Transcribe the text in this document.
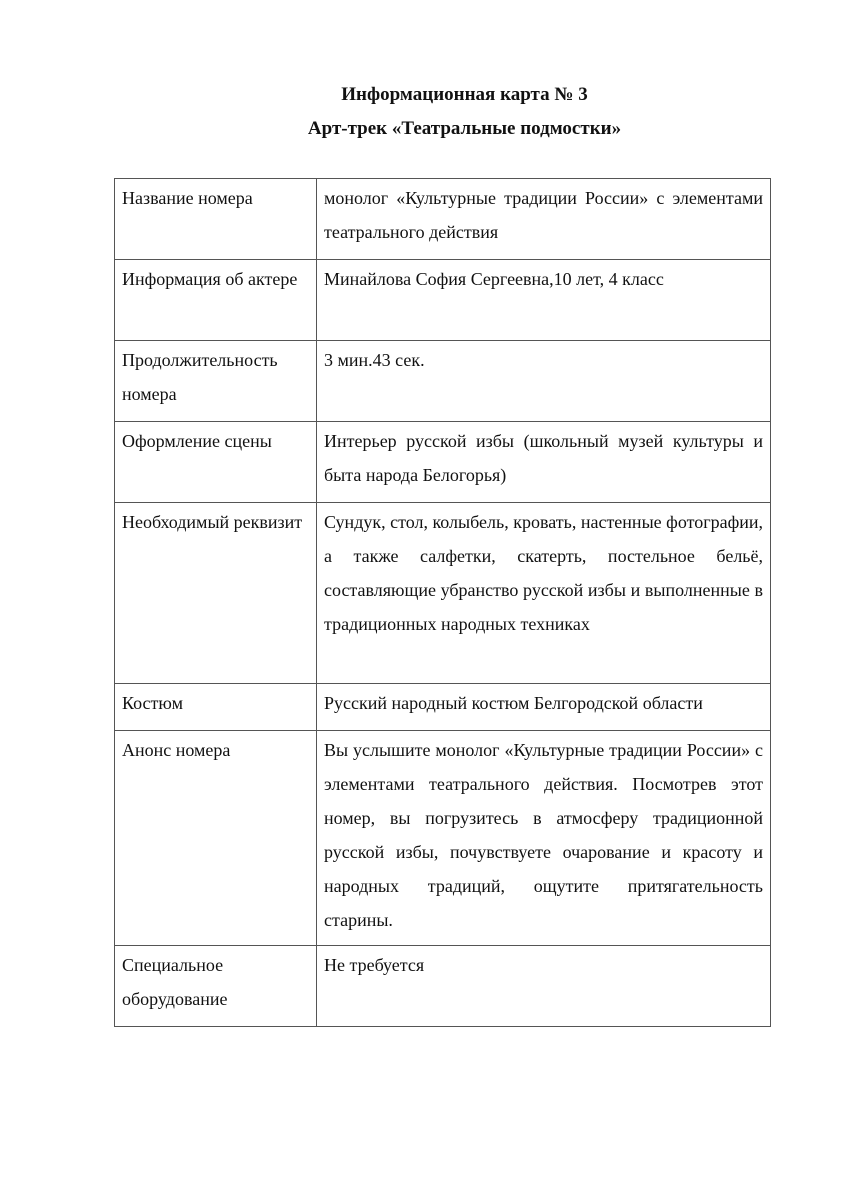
Информационная карта № 3
Арт-трек «Театральные подмостки»
Название номера	монолог «Культурные традиции России» с элементами театрального действия
Информация об актере	Минайлова София Сергеевна,10 лет, 4 класс
Продолжительность номера	3 мин.43 сек.
Оформление сцены	Интерьер русской избы (школьный музей культуры и быта народа Белогорья)
Необходимый реквизит	Сундук, стол, колыбель, кровать, настенные фотографии, а также салфетки, скатерть, постельное бельё, составляющие убранство русской избы и выполненные в традиционных народных техниках
Костюм	Русский народный костюм Белгородской области
Анонс номера	Вы услышите монолог «Культурные традиции России» с элементами театрального действия. Посмотрев этот номер, вы погрузитесь в атмосферу традиционной русской избы, почувствуете очарование и красоту и народных традиций, ощутите притягательность старины.
Специальное оборудование	Не требуется
